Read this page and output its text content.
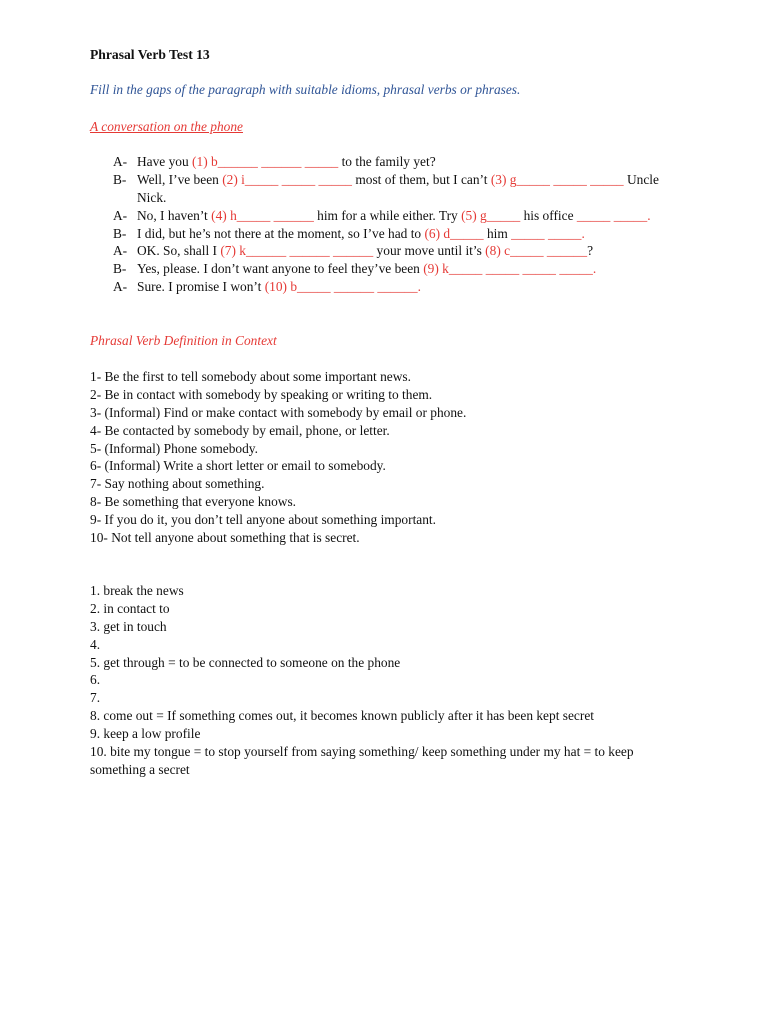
Phrasal Verb Test 13
Fill in the gaps of the paragraph with suitable idioms, phrasal verbs or phrases.
A conversation on the phone
A- Have you (1) b______ ______ _____ to the family yet?
B- Well, I’ve been (2) i_____ _____ _____ most of them, but I can’t (3) g_____ _____ _____ Uncle
Nick.
A- No, I haven’t (4) h_____ ______ him for a while either. Try (5) g_____ his office _____ _____.
B- I did, but he’s not there at the moment, so I’ve had to (6) d_____ him _____ _____.
A- OK. So, shall I (7) k______ ______ ______ your move until it’s (8) c_____ ______?
B- Yes, please. I don’t want anyone to feel they’ve been (9) k_____ _____ _____ _____.
A- Sure. I promise I won’t (10) b_____ ______ ______.
Phrasal Verb Definition in Context
1- Be the first to tell somebody about some important news.
2- Be in contact with somebody by speaking or writing to them.
3- (Informal) Find or make contact with somebody by email or phone.
4- Be contacted by somebody by email, phone, or letter.
5- (Informal) Phone somebody.
6- (Informal) Write a short letter or email to somebody.
7- Say nothing about something.
8- Be something that everyone knows.
9- If you do it, you don’t tell anyone about something important.
10- Not tell anyone about something that is secret.
1. break the news
2. in contact to
3. get in touch
4.
5. get through = to be connected to someone on the phone
6.
7.
8. come out = If something comes out, it becomes known publicly after it has been kept secret
9. keep a low profile
10. bite my tongue = to stop yourself from saying something/ keep something under my hat = to keep something a secret
